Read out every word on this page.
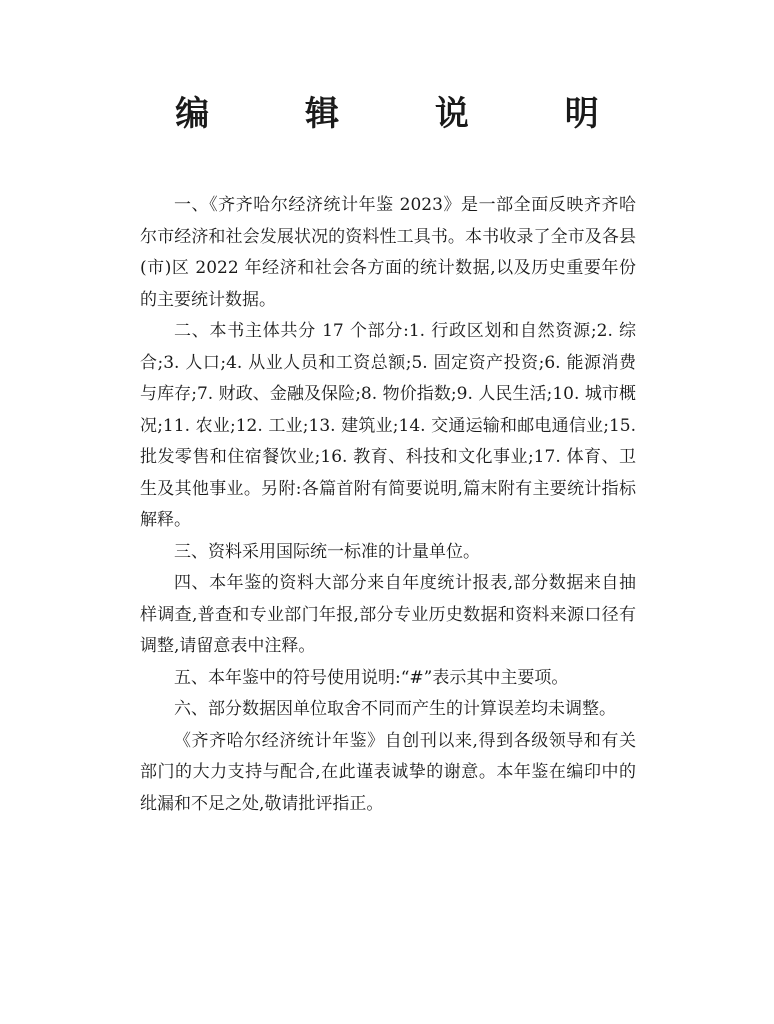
编 辑 说 明

一、《齐齐哈尔经济统计年鉴 2023》是一部全面反映齐齐哈尔市经济和社会发展状况的资料性工具书。本书收录了全市及各县(市)区 2022 年经济和社会各方面的统计数据,以及历史重要年份的主要统计数据。

二、本书主体共分 17 个部分:1. 行政区划和自然资源;2. 综合;3. 人口;4. 从业人员和工资总额;5. 固定资产投资;6. 能源消费与库存;7. 财政、金融及保险;8. 物价指数;9. 人民生活;10. 城市概况;11. 农业;12. 工业;13. 建筑业;14. 交通运输和邮电通信业;15. 批发零售和住宿餐饮业;16. 教育、科技和文化事业;17. 体育、卫生及其他事业。另附:各篇首附有简要说明,篇末附有主要统计指标解释。

三、资料采用国际统一标准的计量单位。

四、本年鉴的资料大部分来自年度统计报表,部分数据来自抽样调查,普查和专业部门年报,部分专业历史数据和资料来源口径有调整,请留意表中注释。

五、本年鉴中的符号使用说明:“#”表示其中主要项。

六、部分数据因单位取舍不同而产生的计算误差均未调整。

《齐齐哈尔经济统计年鉴》自创刊以来,得到各级领导和有关部门的大力支持与配合,在此谨表诚挚的谢意。本年鉴在编印中的纰漏和不足之处,敬请批评指正。
